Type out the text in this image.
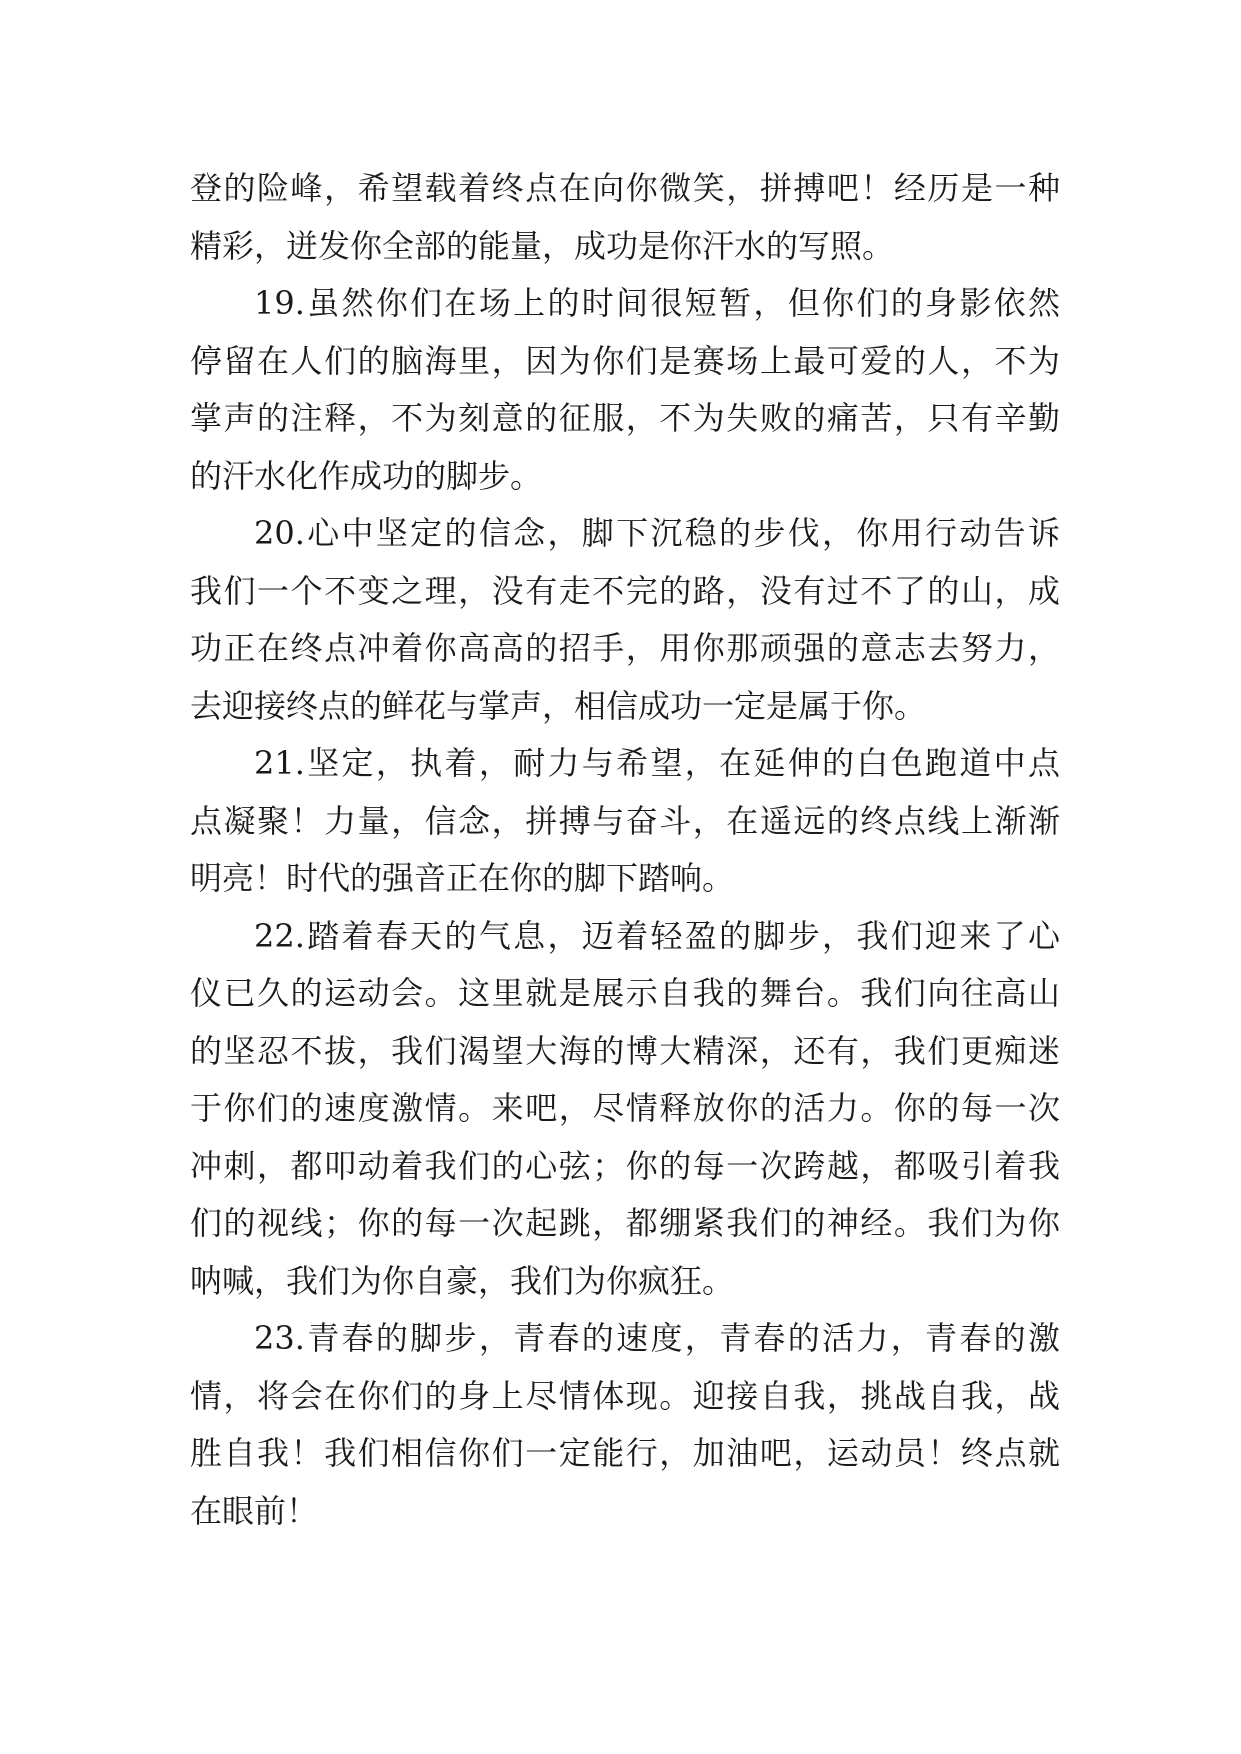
登的险峰，希望载着终点在向你微笑，拼搏吧！经历是一种
精彩，迸发你全部的能量，成功是你汗水的写照。
19.虽然你们在场上的时间很短暂，但你们的身影依然
停留在人们的脑海里，因为你们是赛场上最可爱的人，不为
掌声的注释，不为刻意的征服，不为失败的痛苦，只有辛勤
的汗水化作成功的脚步。
20.心中坚定的信念，脚下沉稳的步伐，你用行动告诉
我们一个不变之理，没有走不完的路，没有过不了的山，成
功正在终点冲着你高高的招手，用你那顽强的意志去努力，
去迎接终点的鲜花与掌声，相信成功一定是属于你。
21.坚定，执着，耐力与希望，在延伸的白色跑道中点
点凝聚！力量，信念，拼搏与奋斗，在遥远的终点线上渐渐
明亮！时代的强音正在你的脚下踏响。
22.踏着春天的气息，迈着轻盈的脚步，我们迎来了心
仪已久的运动会。这里就是展示自我的舞台。我们向往高山
的坚忍不拔，我们渴望大海的博大精深，还有，我们更痴迷
于你们的速度激情。来吧，尽情释放你的活力。你的每一次
冲刺，都叩动着我们的心弦；你的每一次跨越，都吸引着我
们的视线；你的每一次起跳，都绷紧我们的神经。我们为你
呐喊，我们为你自豪，我们为你疯狂。
23.青春的脚步，青春的速度，青春的活力，青春的激
情，将会在你们的身上尽情体现。迎接自我，挑战自我，战
胜自我！我们相信你们一定能行，加油吧，运动员！终点就
在眼前！
